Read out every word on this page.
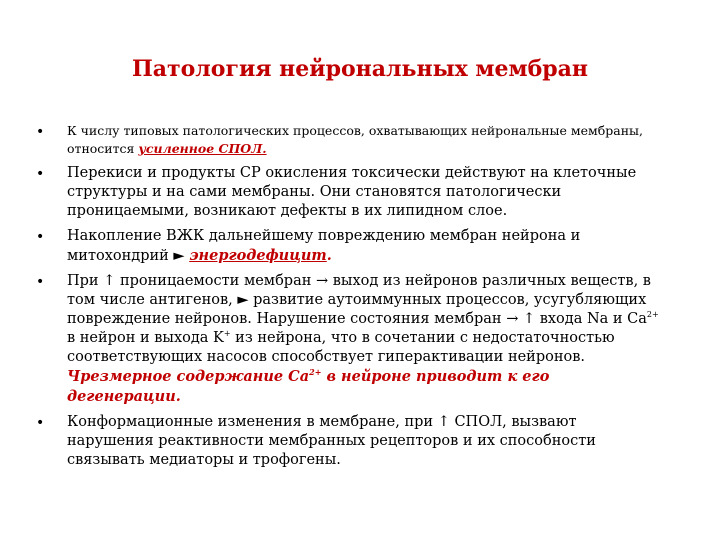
Патология нейрональных мембран
• К числу типовых патологических процессов, охватывающих нейрональные мембраны, относится усиленное СПОЛ.
• Перекиси и продукты СР окисления токсически действуют на клеточные структуры и на сами мембраны. Они становятся патологически проницаемыми, возникают дефекты в их липидном слое.
• Накопление ВЖК дальнейшему повреждению мембран нейрона и митохондрий ► энергодефицит.
• При ↑ проницаемости мембран → выход из нейронов различных веществ, в том числе антигенов, ► развитие аутоиммунных процессов, усугубляющих повреждение нейронов. Нарушение состояния мембран → ↑ входа Na и $Ca^{2+}$ в нейрон и выхода K+ из нейрона, что в сочетании с недостаточностью соответствующих насосов способствует гиперактивации нейронов.
Чрезмерное содержание $Са^{2+}$ в нейроне приводит к его дегенерации.
• Конформационные изменения в мембране, при ↑ СПОЛ, вызвают нарушения реактивности мембранных рецепторов и их способности связывать медиаторы и трофогены.
